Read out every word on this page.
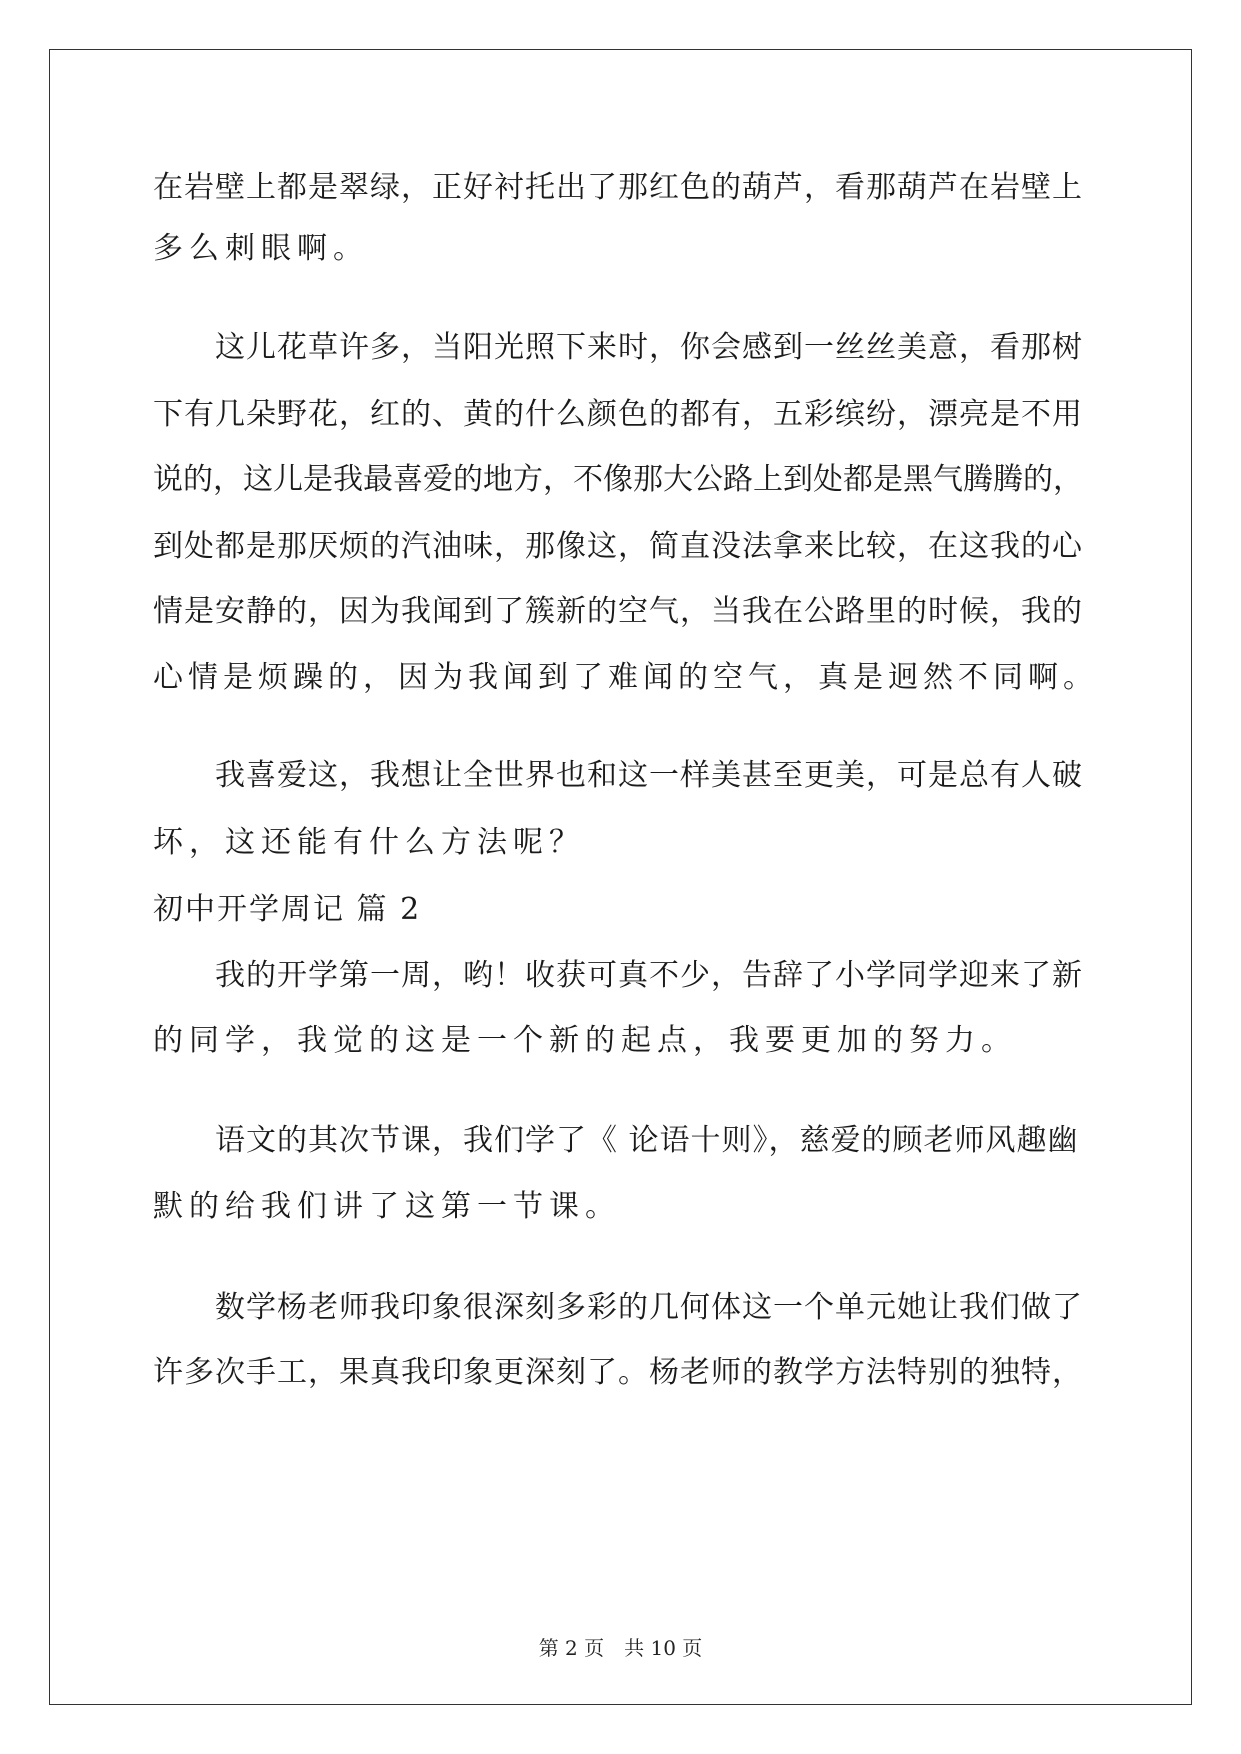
在岩壁上都是翠绿，正好衬托出了那红色的葫芦，看那葫芦在岩壁上
多么刺眼啊。
这儿花草许多，当阳光照下来时，你会感到一丝丝美意，看那树
下有几朵野花，红的、黄的什么颜色的都有，五彩缤纷，漂亮是不用
说的，这儿是我最喜爱的地方，不像那大公路上到处都是黑气腾腾的，
到处都是那厌烦的汽油味，那像这，简直没法拿来比较，在这我的心
情是安静的，因为我闻到了簇新的空气，当我在公路里的时候，我的
心情是烦躁的，因为我闻到了难闻的空气，真是迥然不同啊。
我喜爱这，我想让全世界也和这一样美甚至更美，可是总有人破
坏，这还能有什么方法呢？
初中开学周记 篇 2
我的开学第一周，哟！收获可真不少，告辞了小学同学迎来了新
的同学，我觉的这是一个新的起点，我要更加的努力。
语文的其次节课，我们学了《 论语十则》，慈爱的顾老师风趣幽
默的给我们讲了这第一节课。
数学杨老师我印象很深刻多彩的几何体这一个单元她让我们做了
许多次手工，果真我印象更深刻了。杨老师的教学方法特别的独特，
第 2 页　共 10 页
